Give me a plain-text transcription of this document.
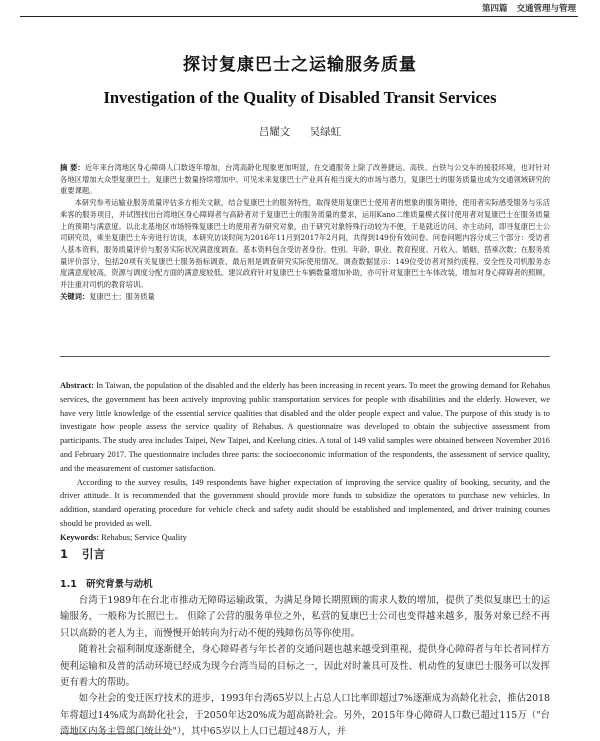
第四篇 交通管理与管理
探讨复康巴士之运输服务质量
Investigation of the Quality of Disabled Transit Services
吕耀文 吴绿虹

摘 要：近年来台湾地区身心障碍人口数逐年增加，台湾高龄化现象更加明显，在交通服务上除了改善捷运、高铁、台铁与公交车的接驳环境，也对针对各地区增加大众型复康巴士，复康巴士数量持续增加中。可见未来复康巴士产业具有相当庞大的市场与潜力，复康巴士的服务质量也成为交通领域研究的重要课题。

本研究参考运输业服务质量评估多方相关文献，结合复康巴士的服务特性，取得使用复康巴士使用者的想象的服务期待，使用者实际感受服务与乐活乘客的服务项目，并试图找出台湾地区身心障碍者与高龄者对于复康巴士的服务质量的要求，运用Kano二维质量模式探讨使用者对复康巴士在服务质量上的预期与满意度。以北北基地区市场特殊复康巴士的使用者为研究对象，由于研究对象特殊行动较为不便，于是就近访问，亦主动问，即寻复康巴士公司研究员，乘坐复康巴士车旁进行访谈，本研究访谈时间为2016年11月到2017年2月间，共得到149份有效问卷。问卷问题内容分成三个部分：受访者人基本资料，服务质量评价与服务实际状况满意度调查。基本资料包含受访者身份、性别、年龄、职业、教育程度、月收入、婚姻、搭乘次数；在服务质量评价部分，包括20项有关复康巴士服务指标调查，最后则是调查研究实际使用情况。调查数据显示：149位受访者对预约流程、安全性及司机服务态度满意度较高，资源与调度分配方面的满意度较低。建议政府针对复康巴士车辆数量增加补助，亦可针对复康巴士车体改装，增加对身心障碍者的照顾，并注重对司机的教育培训。

关键词：复康巴士；服务质量

Abstract: In Taiwan, the population of the disabled and the elderly has been increasing in recent years. To meet the growing demand for Rehabus services, the government has been actively improving public transportation services for people with disabilities and the elderly. However, we have very little knowledge of the essential service qualities that disabled and the older people expect and value. The purpose of this study is to investigate how people assess the service quality of Rehabus. A questionnaire was developed to obtain the subjective assessment from participants. The study area includes Taipei, New Taipei, and Keelung cities. A total of 149 valid samples were obtained between November 2016 and February 2017. The questionnaire includes three parts: the socioeconomic information of the respondents, the assessment of service quality, and the measurement of customer satisfaction.

According to the survey results, 149 respondents have higher expectation of improving the service quality of booking, security, and the driver attitude. It is recommended that the government should provide more funds to subsidize the operators to purchase new vehicles. In addition, standard operating procedure for vehicle check and safety audit should be established and implemented, and driver training courses should be provided as well.

Keywords: Rehabus; Service Quality

1 引言
1.1 研究背景与动机

台湾于1989年在台北市推动无障碍运输政策，为满足身障长期照顾的需求人数的增加，提供了类似复康巴士的运输服务，一般称为长照巴士。 但除了公营的服务单位之外，私营的复康巴士公司也变得越来越多，服务对象已经不再只以高龄的老人为主，而慢慢开始转向为行动不便的残障伤员等你使用。

随着社会福利制度逐渐健全，身心障碍者与年长者的交通问题也越来越受到重视，提供身心障碍者与年长者同样方便利运输和及普的活动环境已经成为现今台湾当局的目标之一，因此对时兼具可及性、机动性的复康巴士服务可以发挥更有着大的帮助。

如今社会的变迁医疗技术的进步，1993年台湾65岁以上占总人口比率即超过7%逐渐成为高龄化社会，推估2018年将超过14%成为高龄化社会，于2050年达20%成为超高龄社会。另外，2015年身心障碍人口数已超过115万（"台湾地区内务主管部门统计处"），其中65岁以上人口已超过48万人，并
